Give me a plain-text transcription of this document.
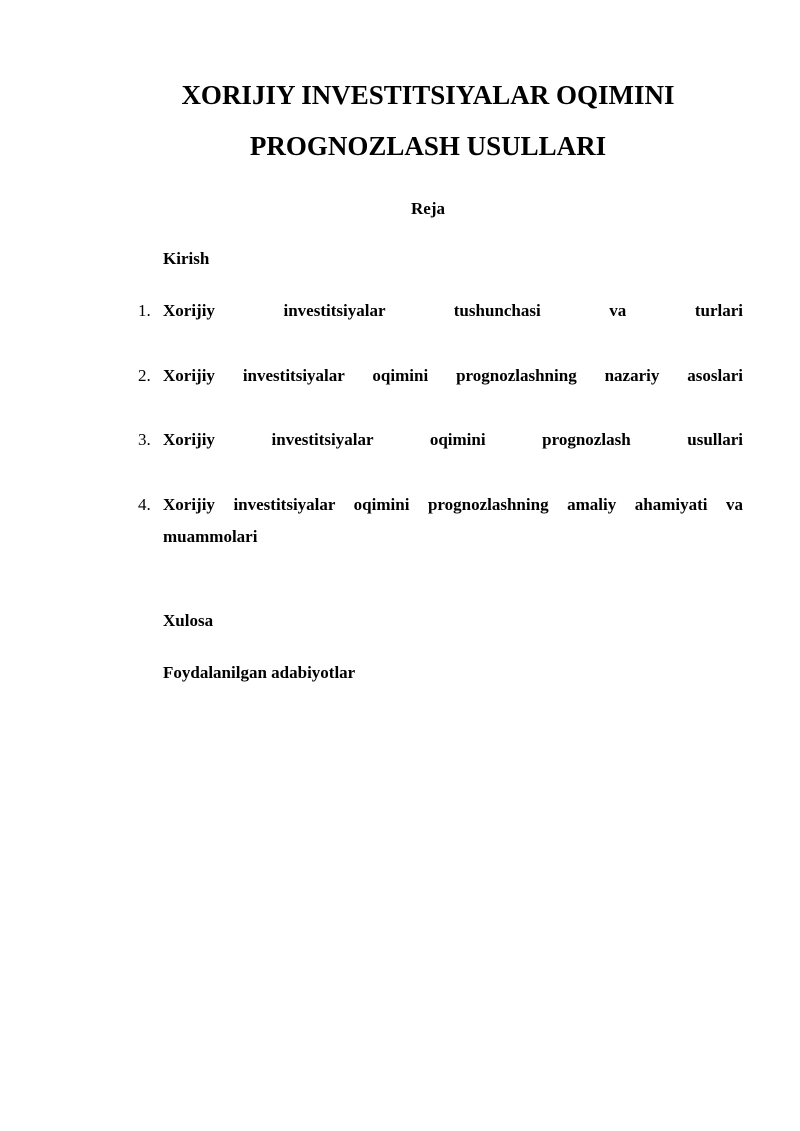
XORIJIY INVESTITSIYALAR OQIMINI
PROGNOZLASH USULLARI
Reja
Kirish
1. Xorijiy investitsiyalar tushunchasi va turlari
2. Xorijiy investitsiyalar oqimini prognozlashning nazariy asoslari
3. Xorijiy investitsiyalar oqimini prognozlash usullari
4. Xorijiy investitsiyalar oqimini prognozlashning amaliy ahamiyati va muammolari
Xulosa
Foydalanilgan adabiyotlar
